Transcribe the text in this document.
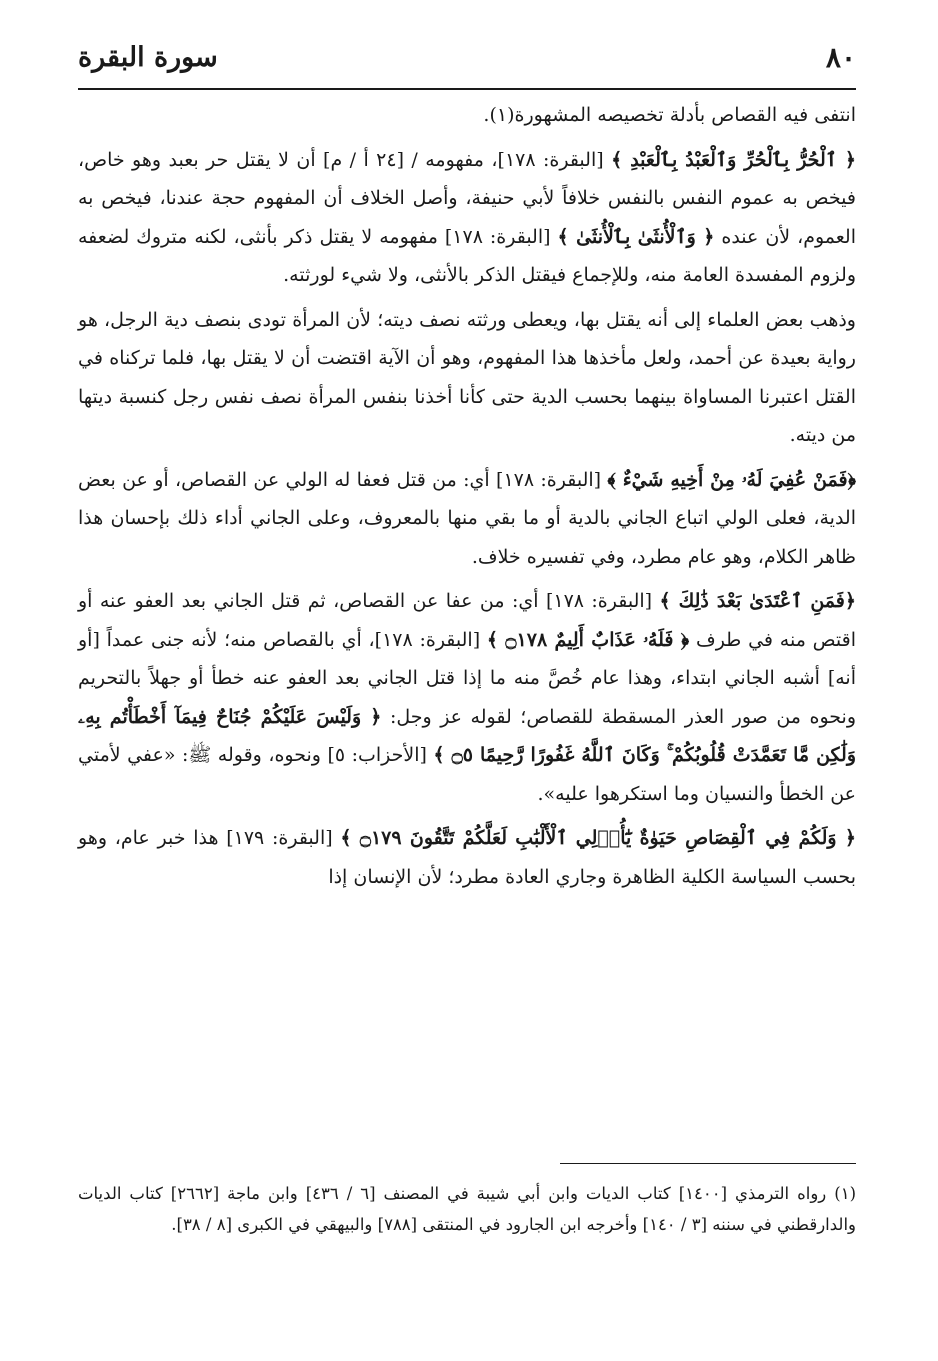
سورة البقرة	٨٠

انتفى فيه القصاص بأدلة تخصيصه المشهورة(١).

﴿ ٱلْحُرُّ بِٱلْحُرِّ وَٱلْعَبْدُ بِٱلْعَبْدِ ﴾ [البقرة: ١٧٨]، مفهومه / [٢٤ أ / م] أن لا يقتل حر بعبد وهو خاص، فيخص به عموم النفس بالنفس خلافاً لأبي حنيفة، وأصل الخلاف أن المفهوم حجة عندنا، فيخص به العموم، لأن عنده ﴿ وَٱلْأُنثَىٰ بِٱلْأُنثَىٰ ﴾ [البقرة: ١٧٨] مفهومه لا يقتل ذكر بأنثى، لكنه متروك لضعفه ولزوم المفسدة العامة منه، وللإجماع فيقتل الذكر بالأنثى، ولا شيء لورثته.

وذهب بعض العلماء إلى أنه يقتل بها، ويعطى ورثته نصف ديته؛ لأن المرأة تودى بنصف دية الرجل، هو رواية بعيدة عن أحمد، ولعل مأخذها هذا المفهوم، وهو أن الآية اقتضت أن لا يقتل بها، فلما تركناه في القتل اعتبرنا المساواة بينهما بحسب الدية حتى كأنا أخذنا بنفس المرأة نصف نفس رجل كنسبة ديتها من ديته.

﴿فَمَنْ عُفِيَ لَهُۥ مِنْ أَخِيهِ شَيْءٌ ﴾ [البقرة: ١٧٨] أي: من قتل فعفا له الولي عن القصاص، أو عن بعض الدية، فعلى الولي اتباع الجاني بالدية أو ما بقي منها بالمعروف، وعلى الجاني أداء ذلك بإحسان هذا ظاهر الكلام، وهو عام مطرد، وفي تفسيره خلاف.

﴿فَمَنِ ٱعْتَدَىٰ بَعْدَ ذَٰلِكَ ﴾ [البقرة: ١٧٨] أي: من عفا عن القصاص، ثم قتل الجاني بعد العفو عنه أو اقتص منه في طرف ﴿ فَلَهُۥ عَذَابٌ أَلِيمٌ ۝١٧٨ ﴾ [البقرة: ١٧٨]، أي بالقصاص منه؛ لأنه جنى عمداً [أو أنه] أشبه الجاني ابتداء، وهذا عام خُصَّ منه ما إذا قتل الجاني بعد العفو عنه خطأ أو جهلاً بالتحريم ونحوه من صور العذر المسقطة للقصاص؛ لقوله عز وجل: ﴿ وَلَيْسَ عَلَيْكُمْ جُنَاحٌ فِيمَآ أَخْطَأْتُم بِهِۦ وَلَٰكِن مَّا تَعَمَّدَتْ قُلُوبُكُمْ ۚ وَكَانَ ٱللَّهُ غَفُورًا رَّحِيمًا ۝٥ ﴾ [الأحزاب: ٥] ونحوه، وقوله ﷺ: «عفي لأمتي عن الخطأ والنسيان وما استكرهوا عليه».

﴿ وَلَكُمْ فِي ٱلْقِصَاصِ حَيَوٰةٌ يَٰٓأُو۟لِي ٱلْأَلْبَٰبِ لَعَلَّكُمْ تَتَّقُونَ ۝١٧٩ ﴾ [البقرة: ١٧٩] هذا خبر عام، وهو بحسب السياسة الكلية الظاهرة وجاري العادة مطرد؛ لأن الإنسان إذا

(١) رواه الترمذي [١٤٠٠] كتاب الديات وابن أبي شيبة في المصنف [٦ / ٤٣٦] وابن ماجة [٢٦٦٢] كتاب الديات والدارقطني في سننه [٣ / ١٤٠] وأخرجه ابن الجارود في المنتقى [٧٨٨] والبيهقي في الكبرى [٨ / ٣٨].
